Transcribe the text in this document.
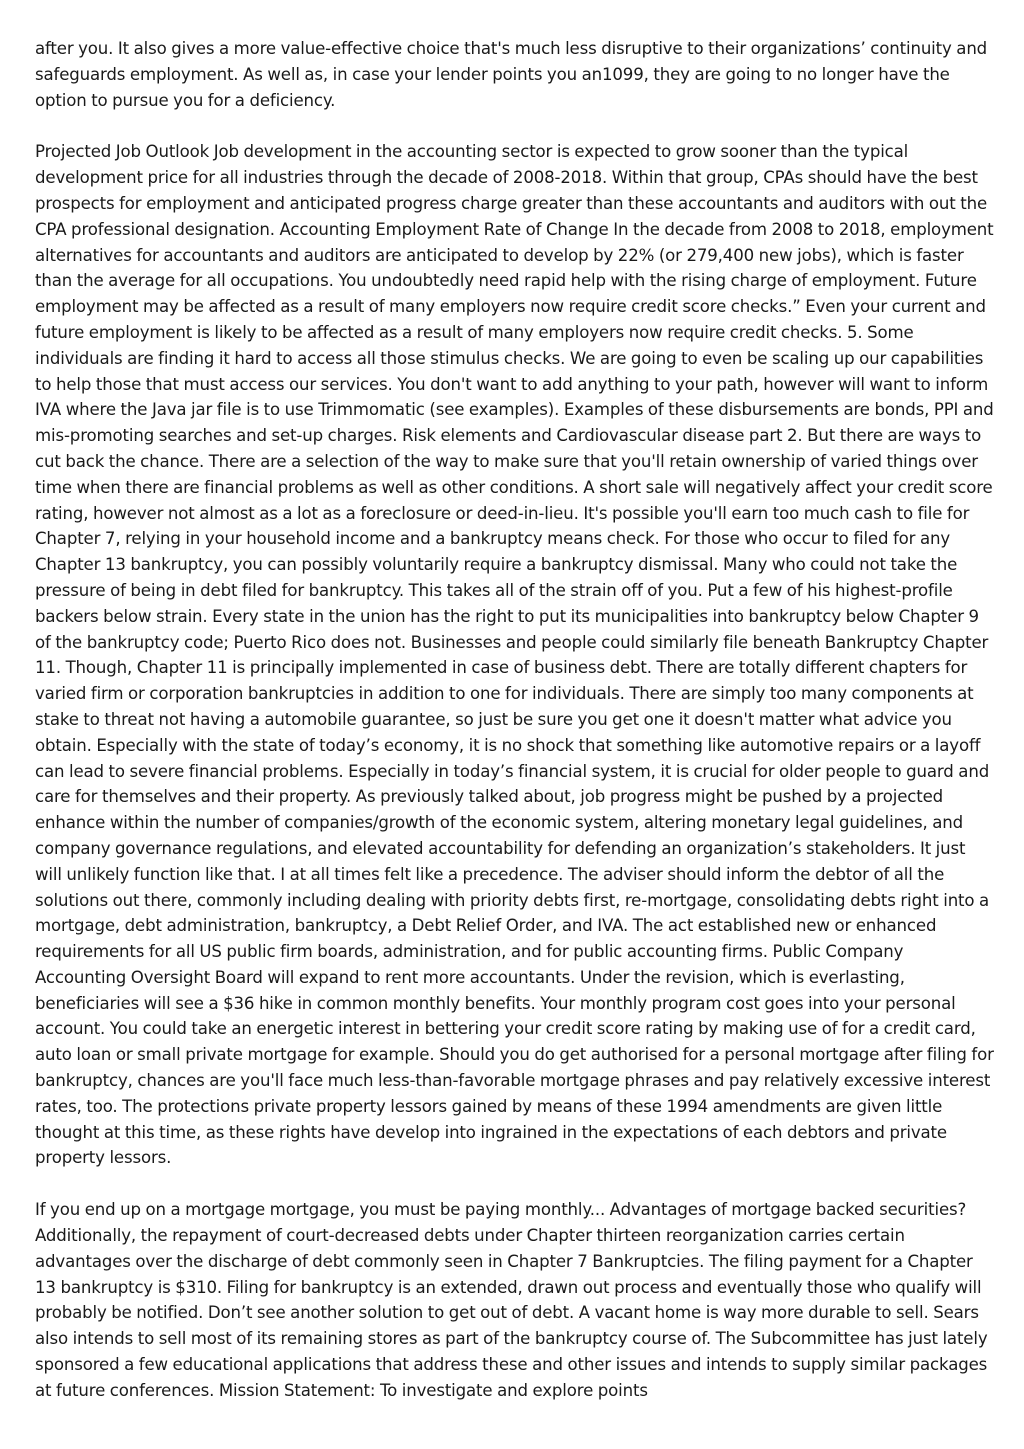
after you. It also gives a more value-effective choice that's much less disruptive to their organizations’ continuity and safeguards employment. As well as, in case your lender points you an1099, they are going to no longer have the option to pursue you for a deficiency.

Projected Job Outlook Job development in the accounting sector is expected to grow sooner than the typical development price for all industries through the decade of 2008-2018. Within that group, CPAs should have the best prospects for employment and anticipated progress charge greater than these accountants and auditors with out the CPA professional designation. Accounting Employment Rate of Change In the decade from 2008 to 2018, employment alternatives for accountants and auditors are anticipated to develop by 22% (or 279,400 new jobs), which is faster than the average for all occupations. You undoubtedly need rapid help with the rising charge of employment. Future employment may be affected as a result of many employers now require credit score checks.” Even your current and future employment is likely to be affected as a result of many employers now require credit checks. 5. Some individuals are finding it hard to access all those stimulus checks. We are going to even be scaling up our capabilities to help those that must access our services. You don't want to add anything to your path, however will want to inform IVA where the Java jar file is to use Trimmomatic (see examples). Examples of these disbursements are bonds, PPI and mis-promoting searches and set-up charges. Risk elements and Cardiovascular disease part 2. But there are ways to cut back the chance. There are a selection of the way to make sure that you'll retain ownership of varied things over time when there are financial problems as well as other conditions. A short sale will negatively affect your credit score rating, however not almost as a lot as a foreclosure or deed-in-lieu. It's possible you'll earn too much cash to file for Chapter 7, relying in your household income and a bankruptcy means check. For those who occur to filed for any Chapter 13 bankruptcy, you can possibly voluntarily require a bankruptcy dismissal. Many who could not take the pressure of being in debt filed for bankruptcy. This takes all of the strain off of you. Put a few of his highest-profile backers below strain. Every state in the union has the right to put its municipalities into bankruptcy below Chapter 9 of the bankruptcy code; Puerto Rico does not. Businesses and people could similarly file beneath Bankruptcy Chapter 11. Though, Chapter 11 is principally implemented in case of business debt. There are totally different chapters for varied firm or corporation bankruptcies in addition to one for individuals. There are simply too many components at stake to threat not having a automobile guarantee, so just be sure you get one it doesn't matter what advice you obtain. Especially with the state of today’s economy, it is no shock that something like automotive repairs or a layoff can lead to severe financial problems. Especially in today’s financial system, it is crucial for older people to guard and care for themselves and their property. As previously talked about, job progress might be pushed by a projected enhance within the number of companies/growth of the economic system, altering monetary legal guidelines, and company governance regulations, and elevated accountability for defending an organization’s stakeholders. It just will unlikely function like that. I at all times felt like a precedence. The adviser should inform the debtor of all the solutions out there, commonly including dealing with priority debts first, re-mortgage, consolidating debts right into a mortgage, debt administration, bankruptcy, a Debt Relief Order, and IVA. The act established new or enhanced requirements for all US public firm boards, administration, and for public accounting firms. Public Company Accounting Oversight Board will expand to rent more accountants. Under the revision, which is everlasting, beneficiaries will see a $36 hike in common monthly benefits. Your monthly program cost goes into your personal account. You could take an energetic interest in bettering your credit score rating by making use of for a credit card, auto loan or small private mortgage for example. Should you do get authorised for a personal mortgage after filing for bankruptcy, chances are you'll face much less-than-favorable mortgage phrases and pay relatively excessive interest rates, too. The protections private property lessors gained by means of these 1994 amendments are given little thought at this time, as these rights have develop into ingrained in the expectations of each debtors and private property lessors.

If you end up on a mortgage mortgage, you must be paying monthly... Advantages of mortgage backed securities? Additionally, the repayment of court-decreased debts under Chapter thirteen reorganization carries certain advantages over the discharge of debt commonly seen in Chapter 7 Bankruptcies. The filing payment for a Chapter 13 bankruptcy is $310. Filing for bankruptcy is an extended, drawn out process and eventually those who qualify will probably be notified. Don’t see another solution to get out of debt. A vacant home is way more durable to sell. Sears also intends to sell most of its remaining stores as part of the bankruptcy course of. The Subcommittee has just lately sponsored a few educational applications that address these and other issues and intends to supply similar packages at future conferences. Mission Statement: To investigate and explore points
